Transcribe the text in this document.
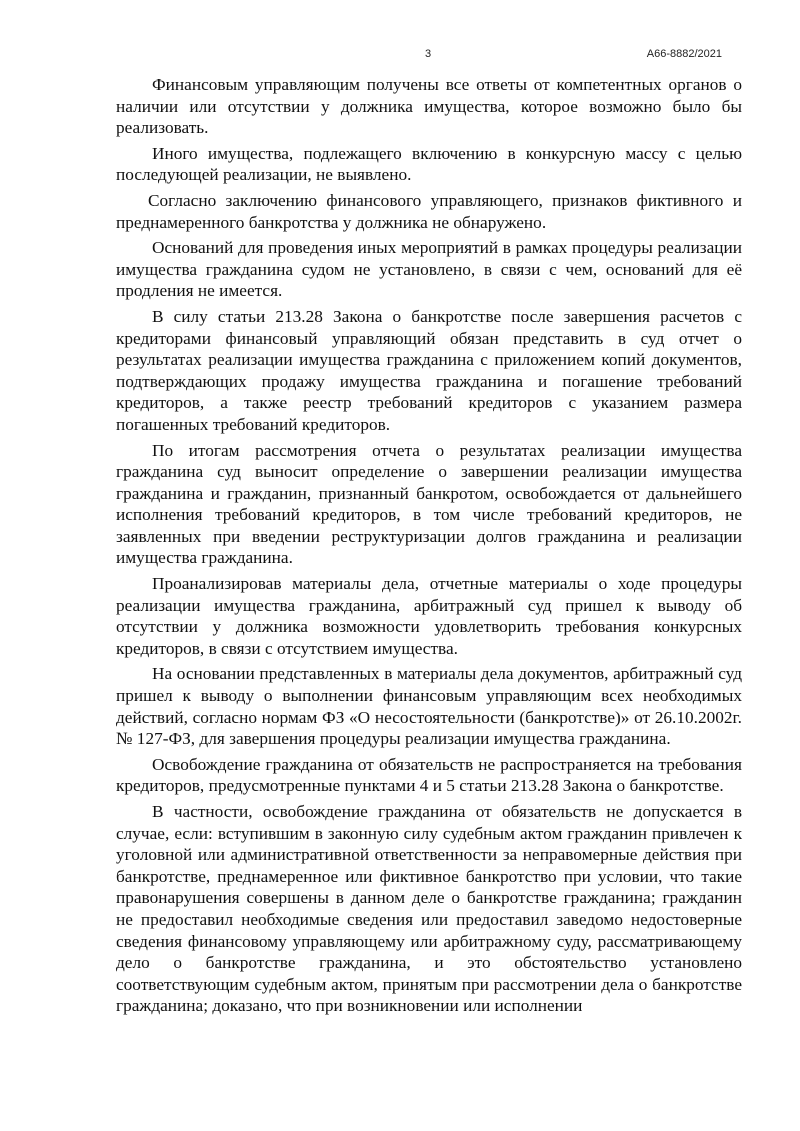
3	А66-8882/2021

Финансовым управляющим получены все ответы от компетентных органов о наличии или отсутствии у должника имущества, которое возможно было бы реализовать.

Иного имущества, подлежащего включению в конкурсную массу с целью последующей реализации, не выявлено.

Согласно заключению финансового управляющего, признаков фиктивного и преднамеренного банкротства у должника не обнаружено.

Оснований для проведения иных мероприятий в рамках процедуры реализации имущества гражданина судом не установлено, в связи с чем, оснований для её продления не имеется.

В силу статьи 213.28 Закона о банкротстве после завершения расчетов с кредиторами финансовый управляющий обязан представить в суд отчет о результатах реализации имущества гражданина с приложением копий документов, подтверждающих продажу имущества гражданина и погашение требований кредиторов, а также реестр требований кредиторов с указанием размера погашенных требований кредиторов.

По итогам рассмотрения отчета о результатах реализации имущества гражданина суд выносит определение о завершении реализации имущества гражданина и гражданин, признанный банкротом, освобождается от дальнейшего исполнения требований кредиторов, в том числе требований кредиторов, не заявленных при введении реструктуризации долгов гражданина и реализации имущества гражданина.

Проанализировав материалы дела, отчетные материалы о ходе процедуры реализации имущества гражданина, арбитражный суд пришел к выводу об отсутствии у должника возможности удовлетворить требования конкурсных кредиторов, в связи с отсутствием имущества.

На основании представленных в материалы дела документов, арбитражный суд пришел к выводу о выполнении финансовым управляющим всех необходимых действий, согласно нормам ФЗ «О несостоятельности (банкротстве)» от 26.10.2002г. № 127-ФЗ, для завершения процедуры реализации имущества гражданина.

Освобождение гражданина от обязательств не распространяется на требования кредиторов, предусмотренные пунктами 4 и 5 статьи 213.28 Закона о банкротстве.

В частности, освобождение гражданина от обязательств не допускается в случае, если: вступившим в законную силу судебным актом гражданин привлечен к уголовной или административной ответственности за неправомерные действия при банкротстве, преднамеренное или фиктивное банкротство при условии, что такие правонарушения совершены в данном деле о банкротстве гражданина; гражданин не предоставил необходимые сведения или предоставил заведомо недостоверные сведения финансовому управляющему или арбитражному суду, рассматривающему дело о банкротстве гражданина, и это обстоятельство установлено соответствующим судебным актом, принятым при рассмотрении дела о банкротстве гражданина; доказано, что при возникновении или исполнении
